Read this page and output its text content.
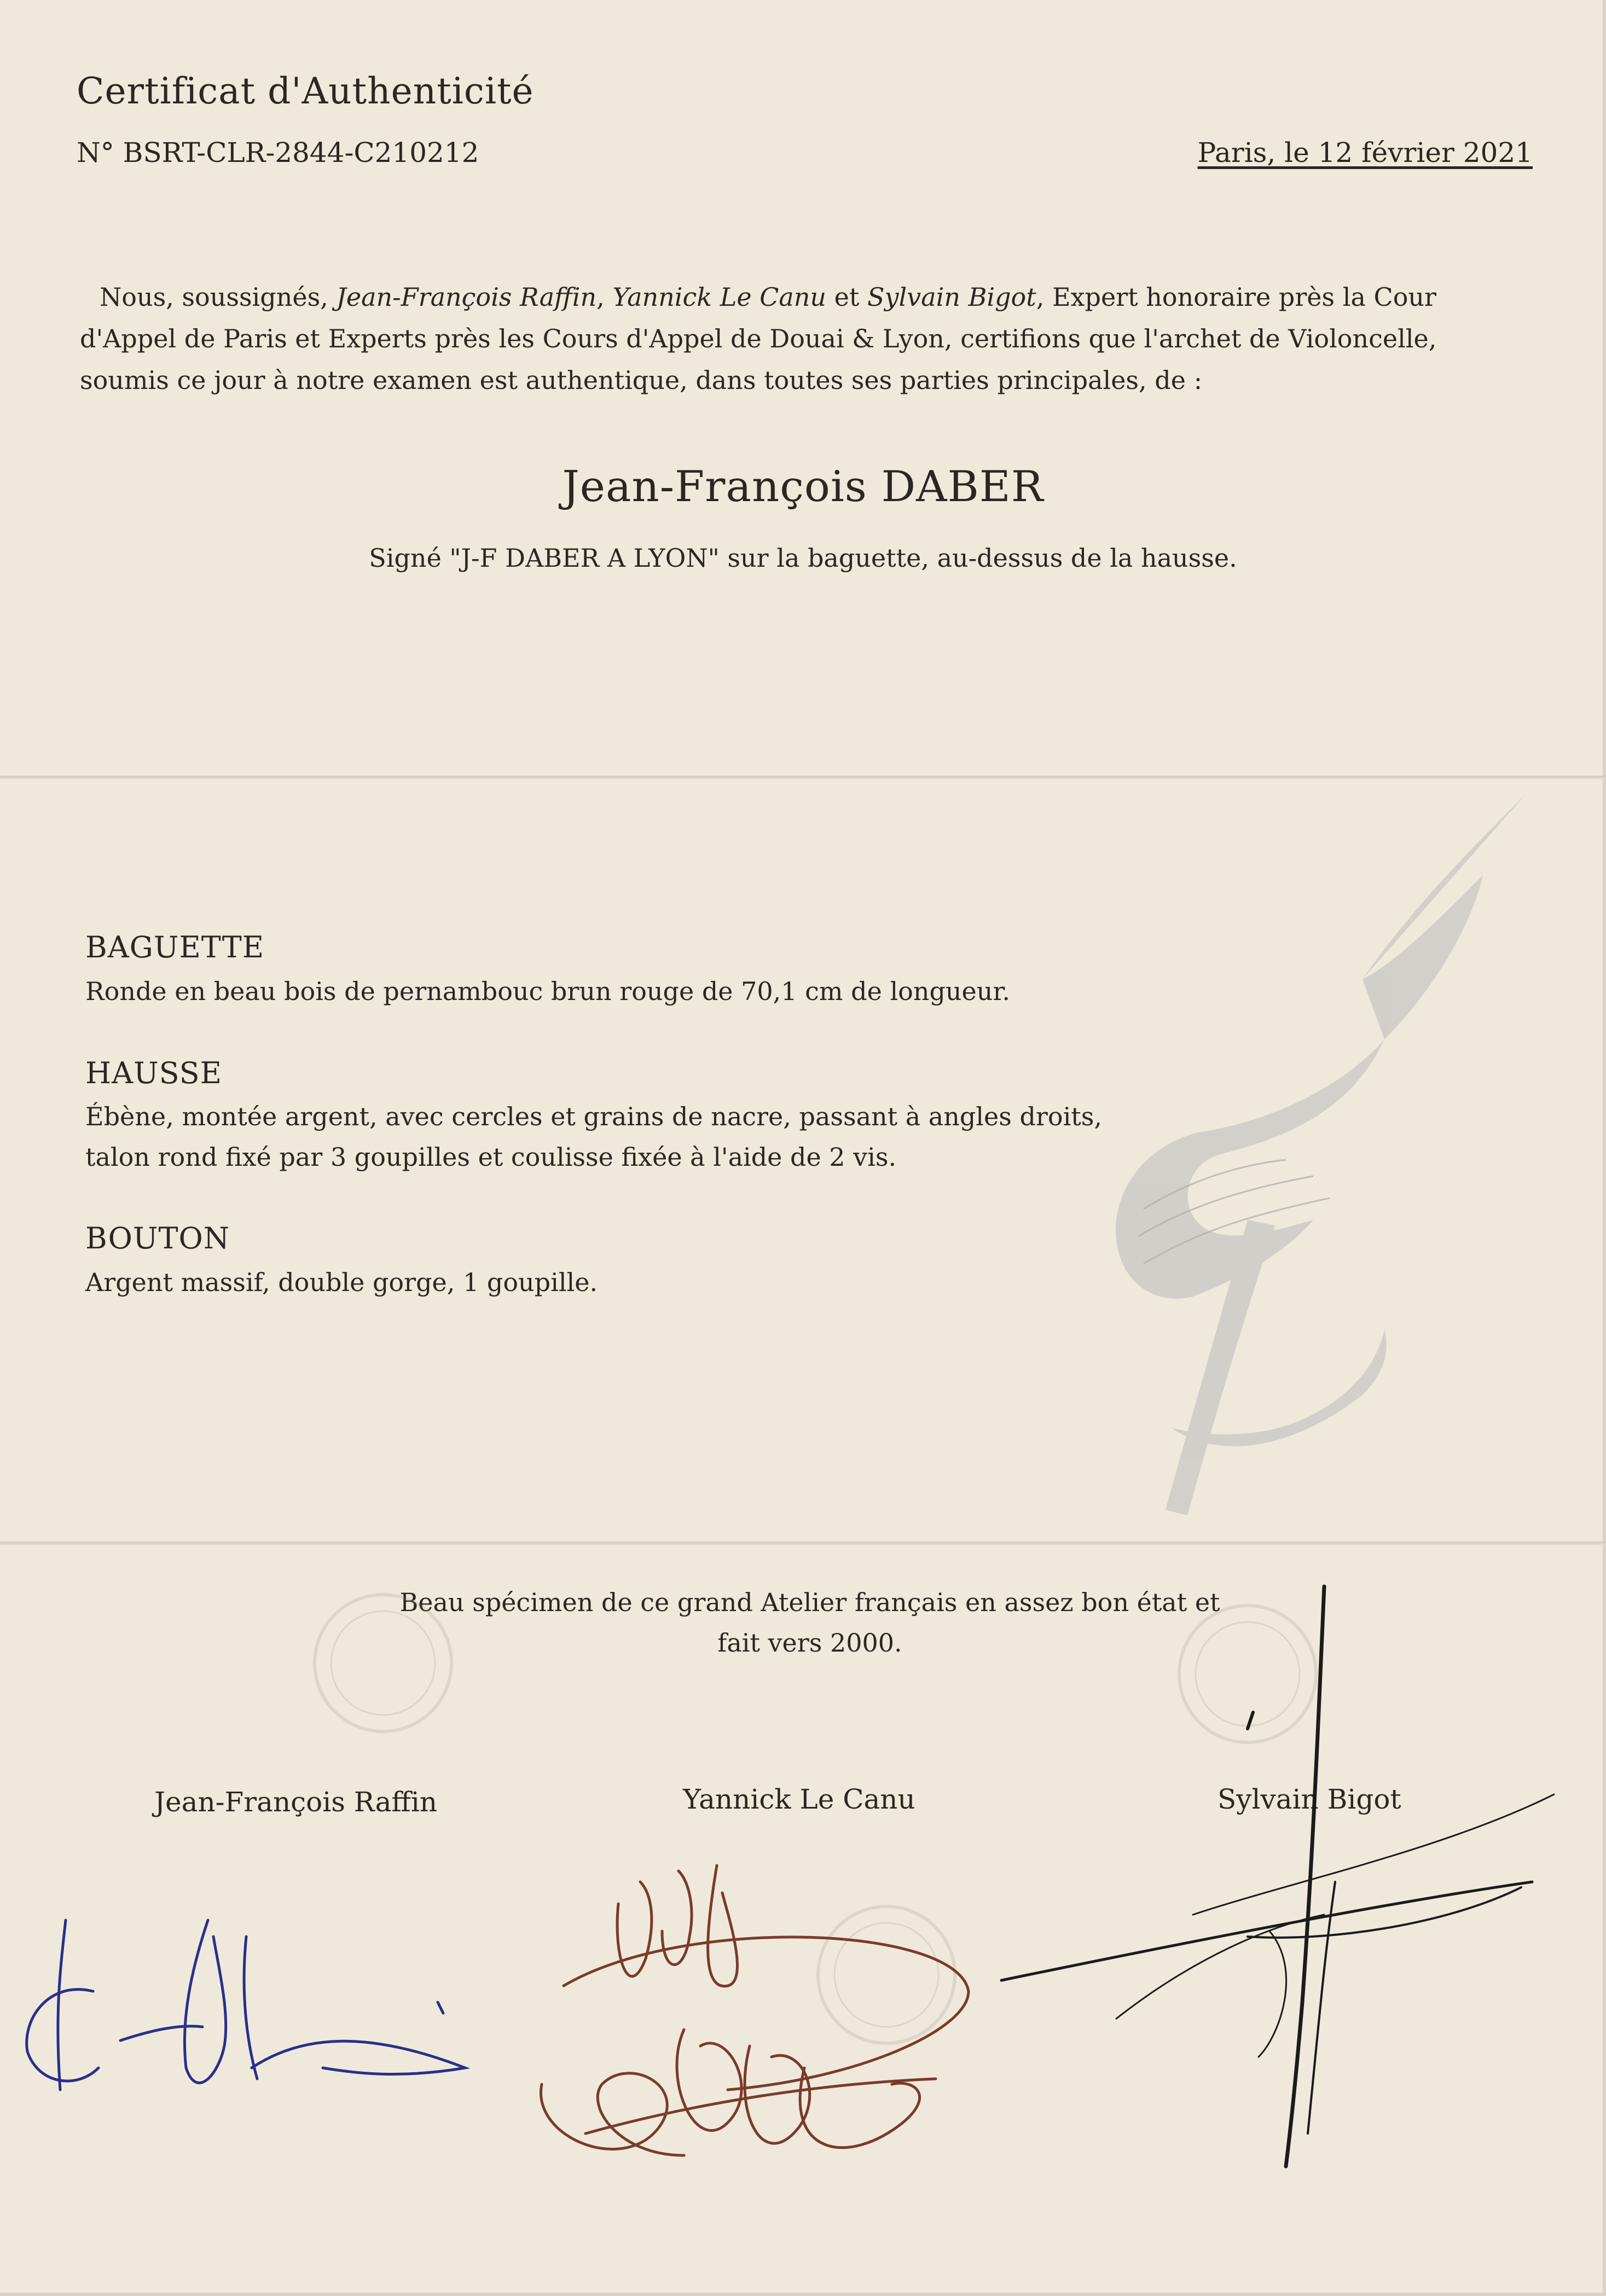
Certificat d'Authenticité
N° BSRT-CLR-2844-C210212	Paris, le 12 février 2021
Nous, soussignés, Jean-François Raffin, Yannick Le Canu et Sylvain Bigot, Expert honoraire près la Cour d'Appel de Paris et Experts près les Cours d'Appel de Douai & Lyon, certifions que l'archet de Violoncelle, soumis ce jour à notre examen est authentique, dans toutes ses parties principales, de :
Jean-François DABER
Signé "J-F DABER A LYON" sur la baguette, au-dessus de la hausse.
BAGUETTE
Ronde en beau bois de pernambouc brun rouge de 70,1 cm de longueur.
HAUSSE
Ébène, montée argent, avec cercles et grains de nacre, passant à angles droits,
talon rond fixé par 3 goupilles et coulisse fixée à l'aide de 2 vis.
BOUTON
Argent massif, double gorge, 1 goupille.
Beau spécimen de ce grand Atelier français en assez bon état et
fait vers 2000.
Jean-François Raffin	Yannick Le Canu	Sylvain Bigot
